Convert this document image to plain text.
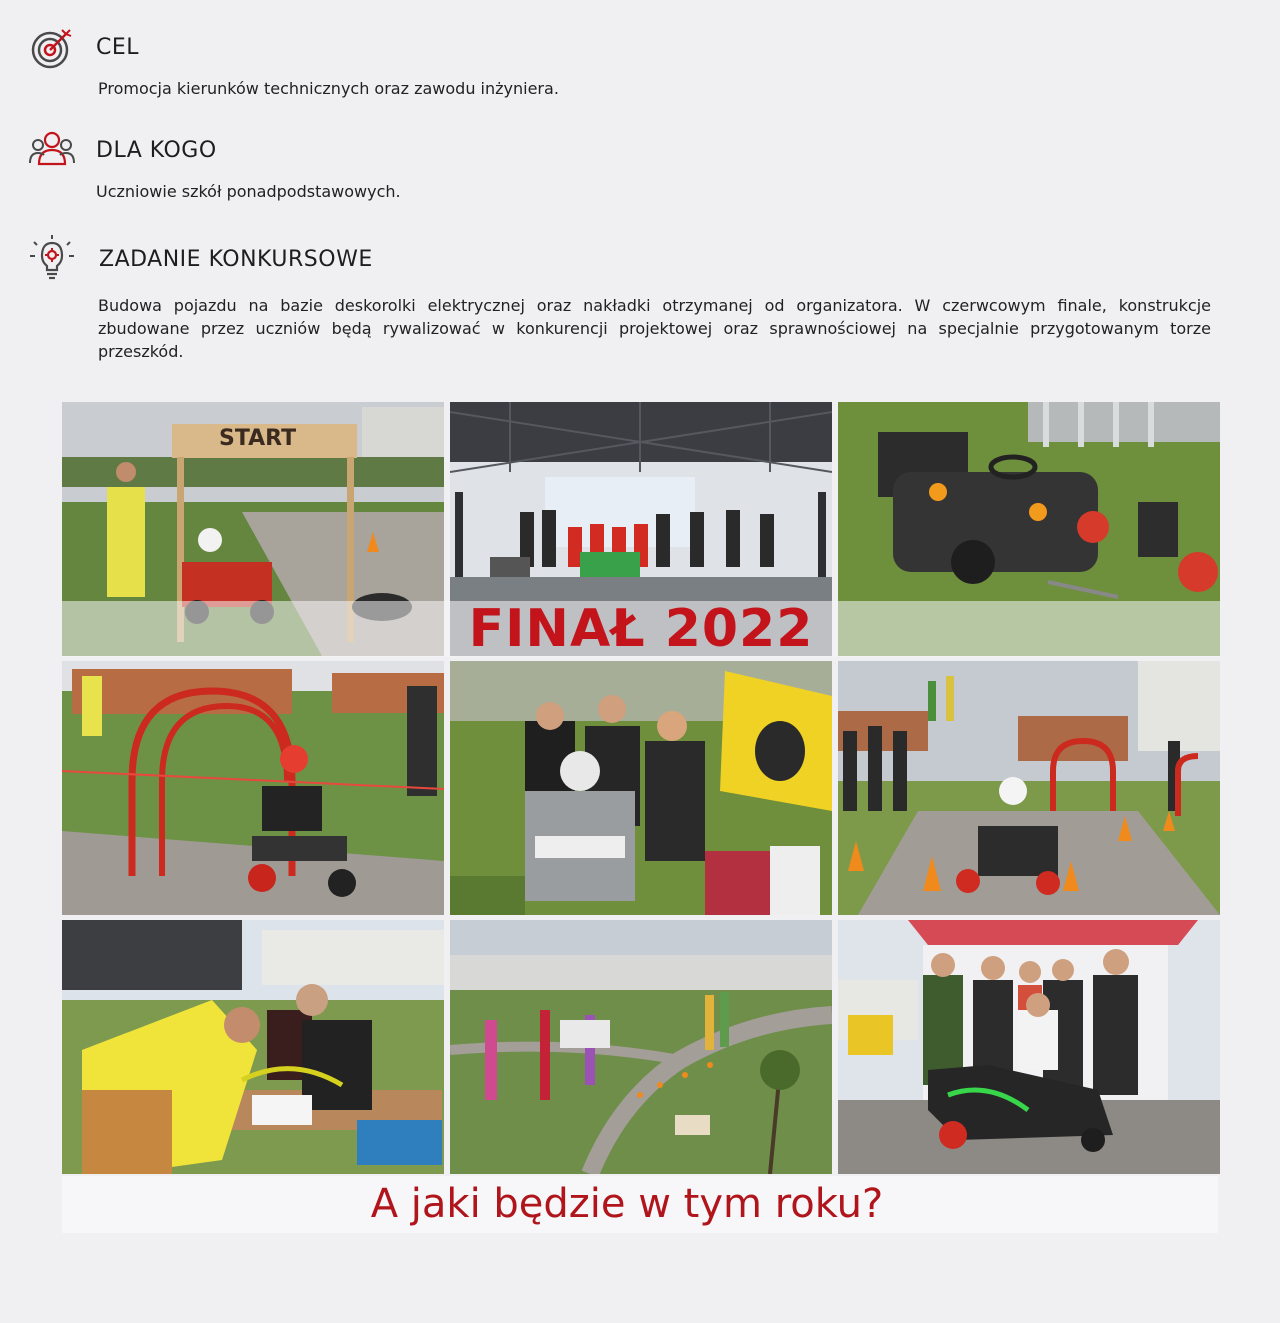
CEL
Promocja kierunków technicznych oraz zawodu inżyniera.
DLA KOGO
Uczniowie szkół ponadpodstawowych.
ZADANIE KONKURSOWE
Budowa pojazdu na bazie deskorolki elektrycznej oraz nakładki otrzymanej od organizatora. W czerwcowym finale, konstrukcje zbudowane przez uczniów będą rywalizować w konkurencji projektowej oraz sprawnościowej na specjalnie przygotowanym torze przeszkód.
START
FINAŁ 2022
A jaki będzie w tym roku?
